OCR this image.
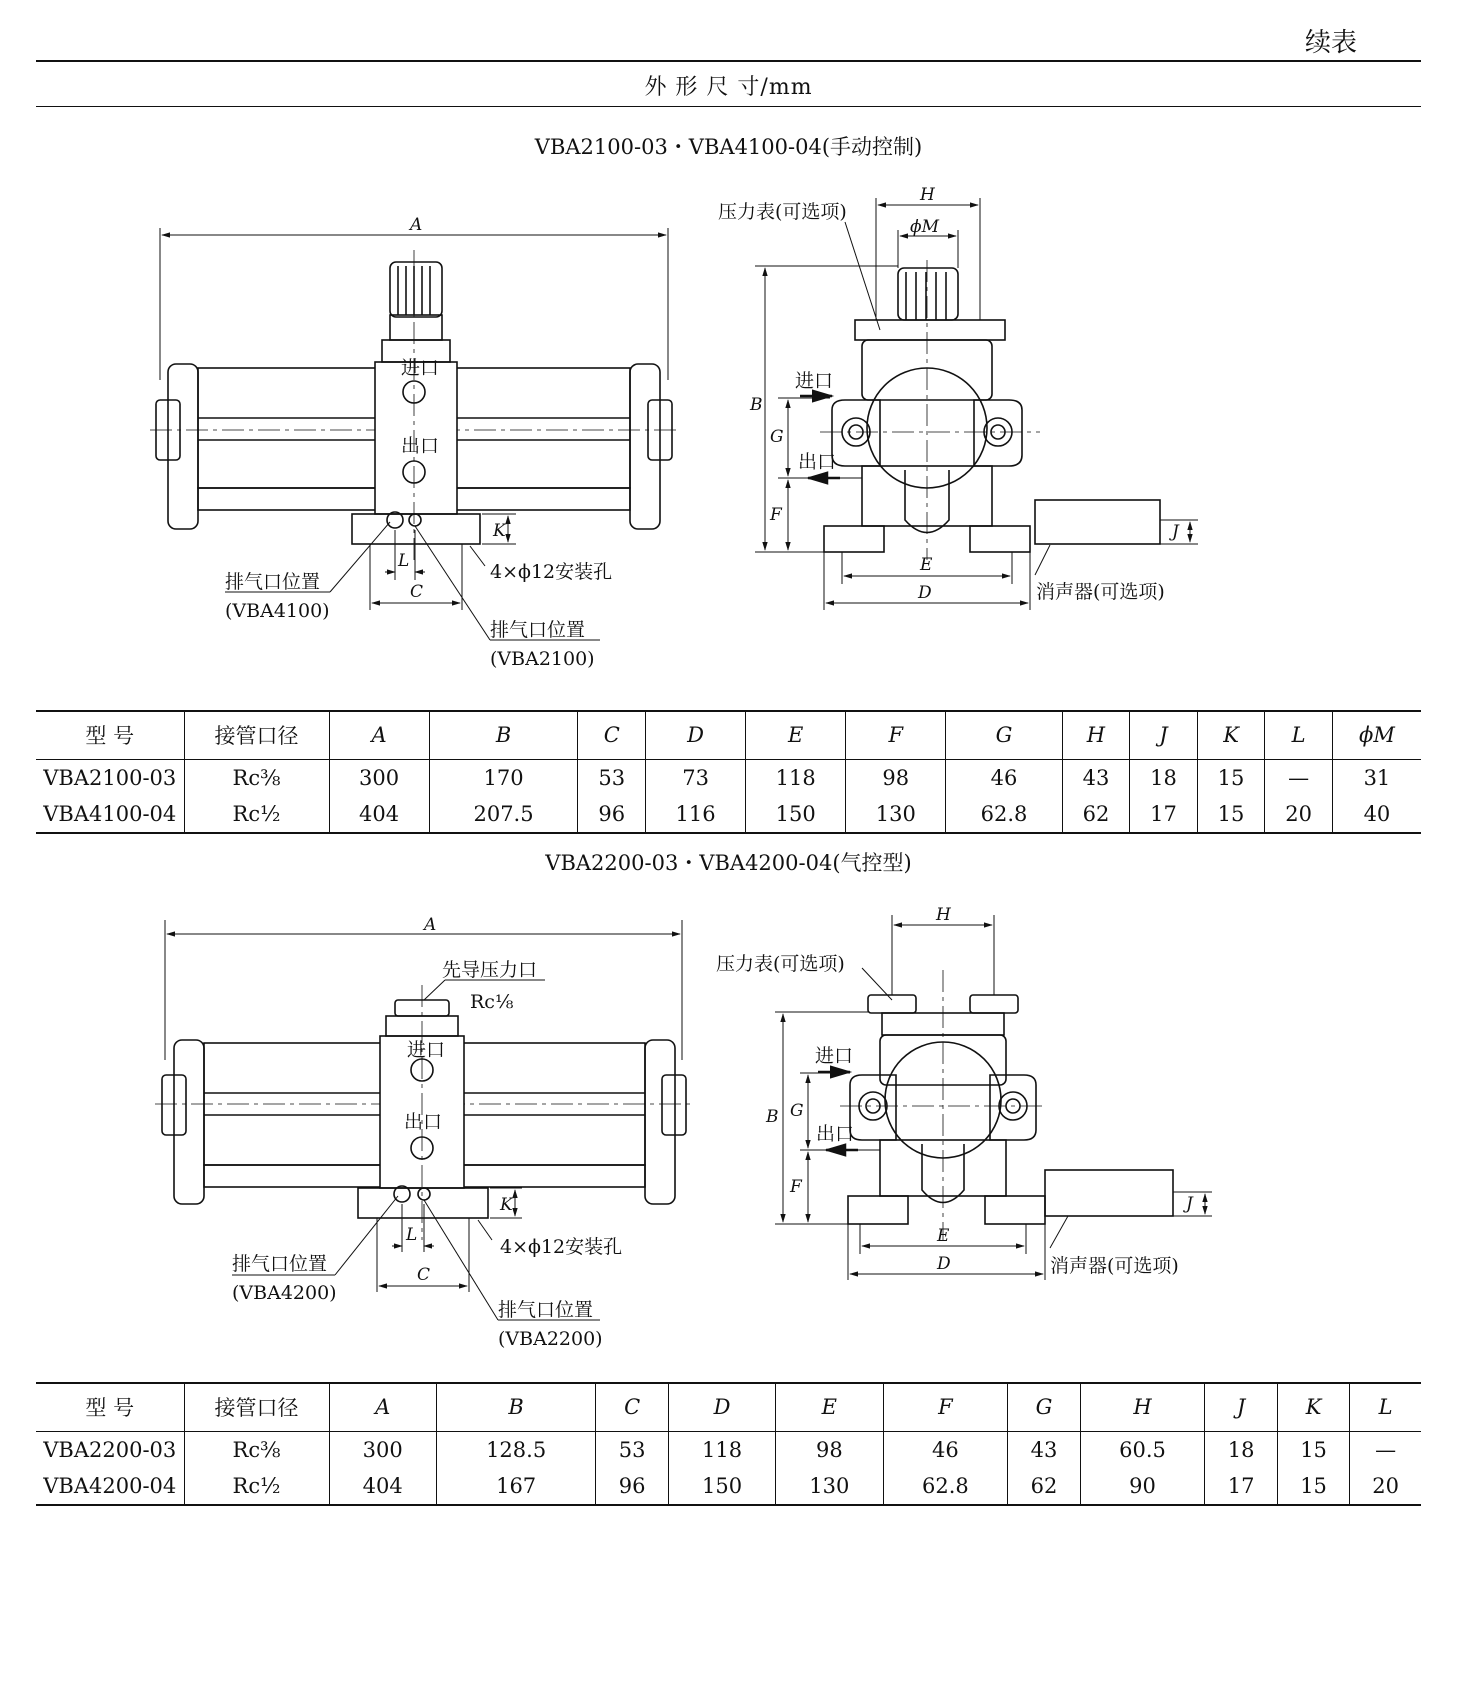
续表
外 形 尺 寸/mm
VBA2100-03・VBA4100-04(手动控制)
A
进口
出口
K
L
C
4×ϕ12安装孔
排气口位置
(VBA4100)
排气口位置
(VBA2100)
压力表(可选项)
H
ϕM
进口
出口
B
G
F
E
D
J
消声器(可选项)
型 号	接管口径	A	B	C	D	E	F	G	H	J	K	L	ϕM
VBA2100-03	Rc⅜	300	170	53	73	118	98	46	43	18	15	—	31
VBA4100-04	Rc½	404	207.5	96	116	150	130	62.8	62	17	15	20	40
VBA2200-03・VBA4200-04(气控型)
A
先导压力口
Rc⅛
进口
出口
K
L
C
4×ϕ12安装孔
排气口位置
(VBA4200)
排气口位置
(VBA2200)
压力表(可选项)
H
进口
出口
B G
F
E
D
J
消声器(可选项)
型 号	接管口径	A	B	C	D	E	F	G	H	J	K	L
VBA2200-03	Rc⅜	300	128.5	53	118	98	46	43	60.5	18	15	—
VBA4200-04	Rc½	404	167	96	150	130	62.8	62	90	17	15	20
